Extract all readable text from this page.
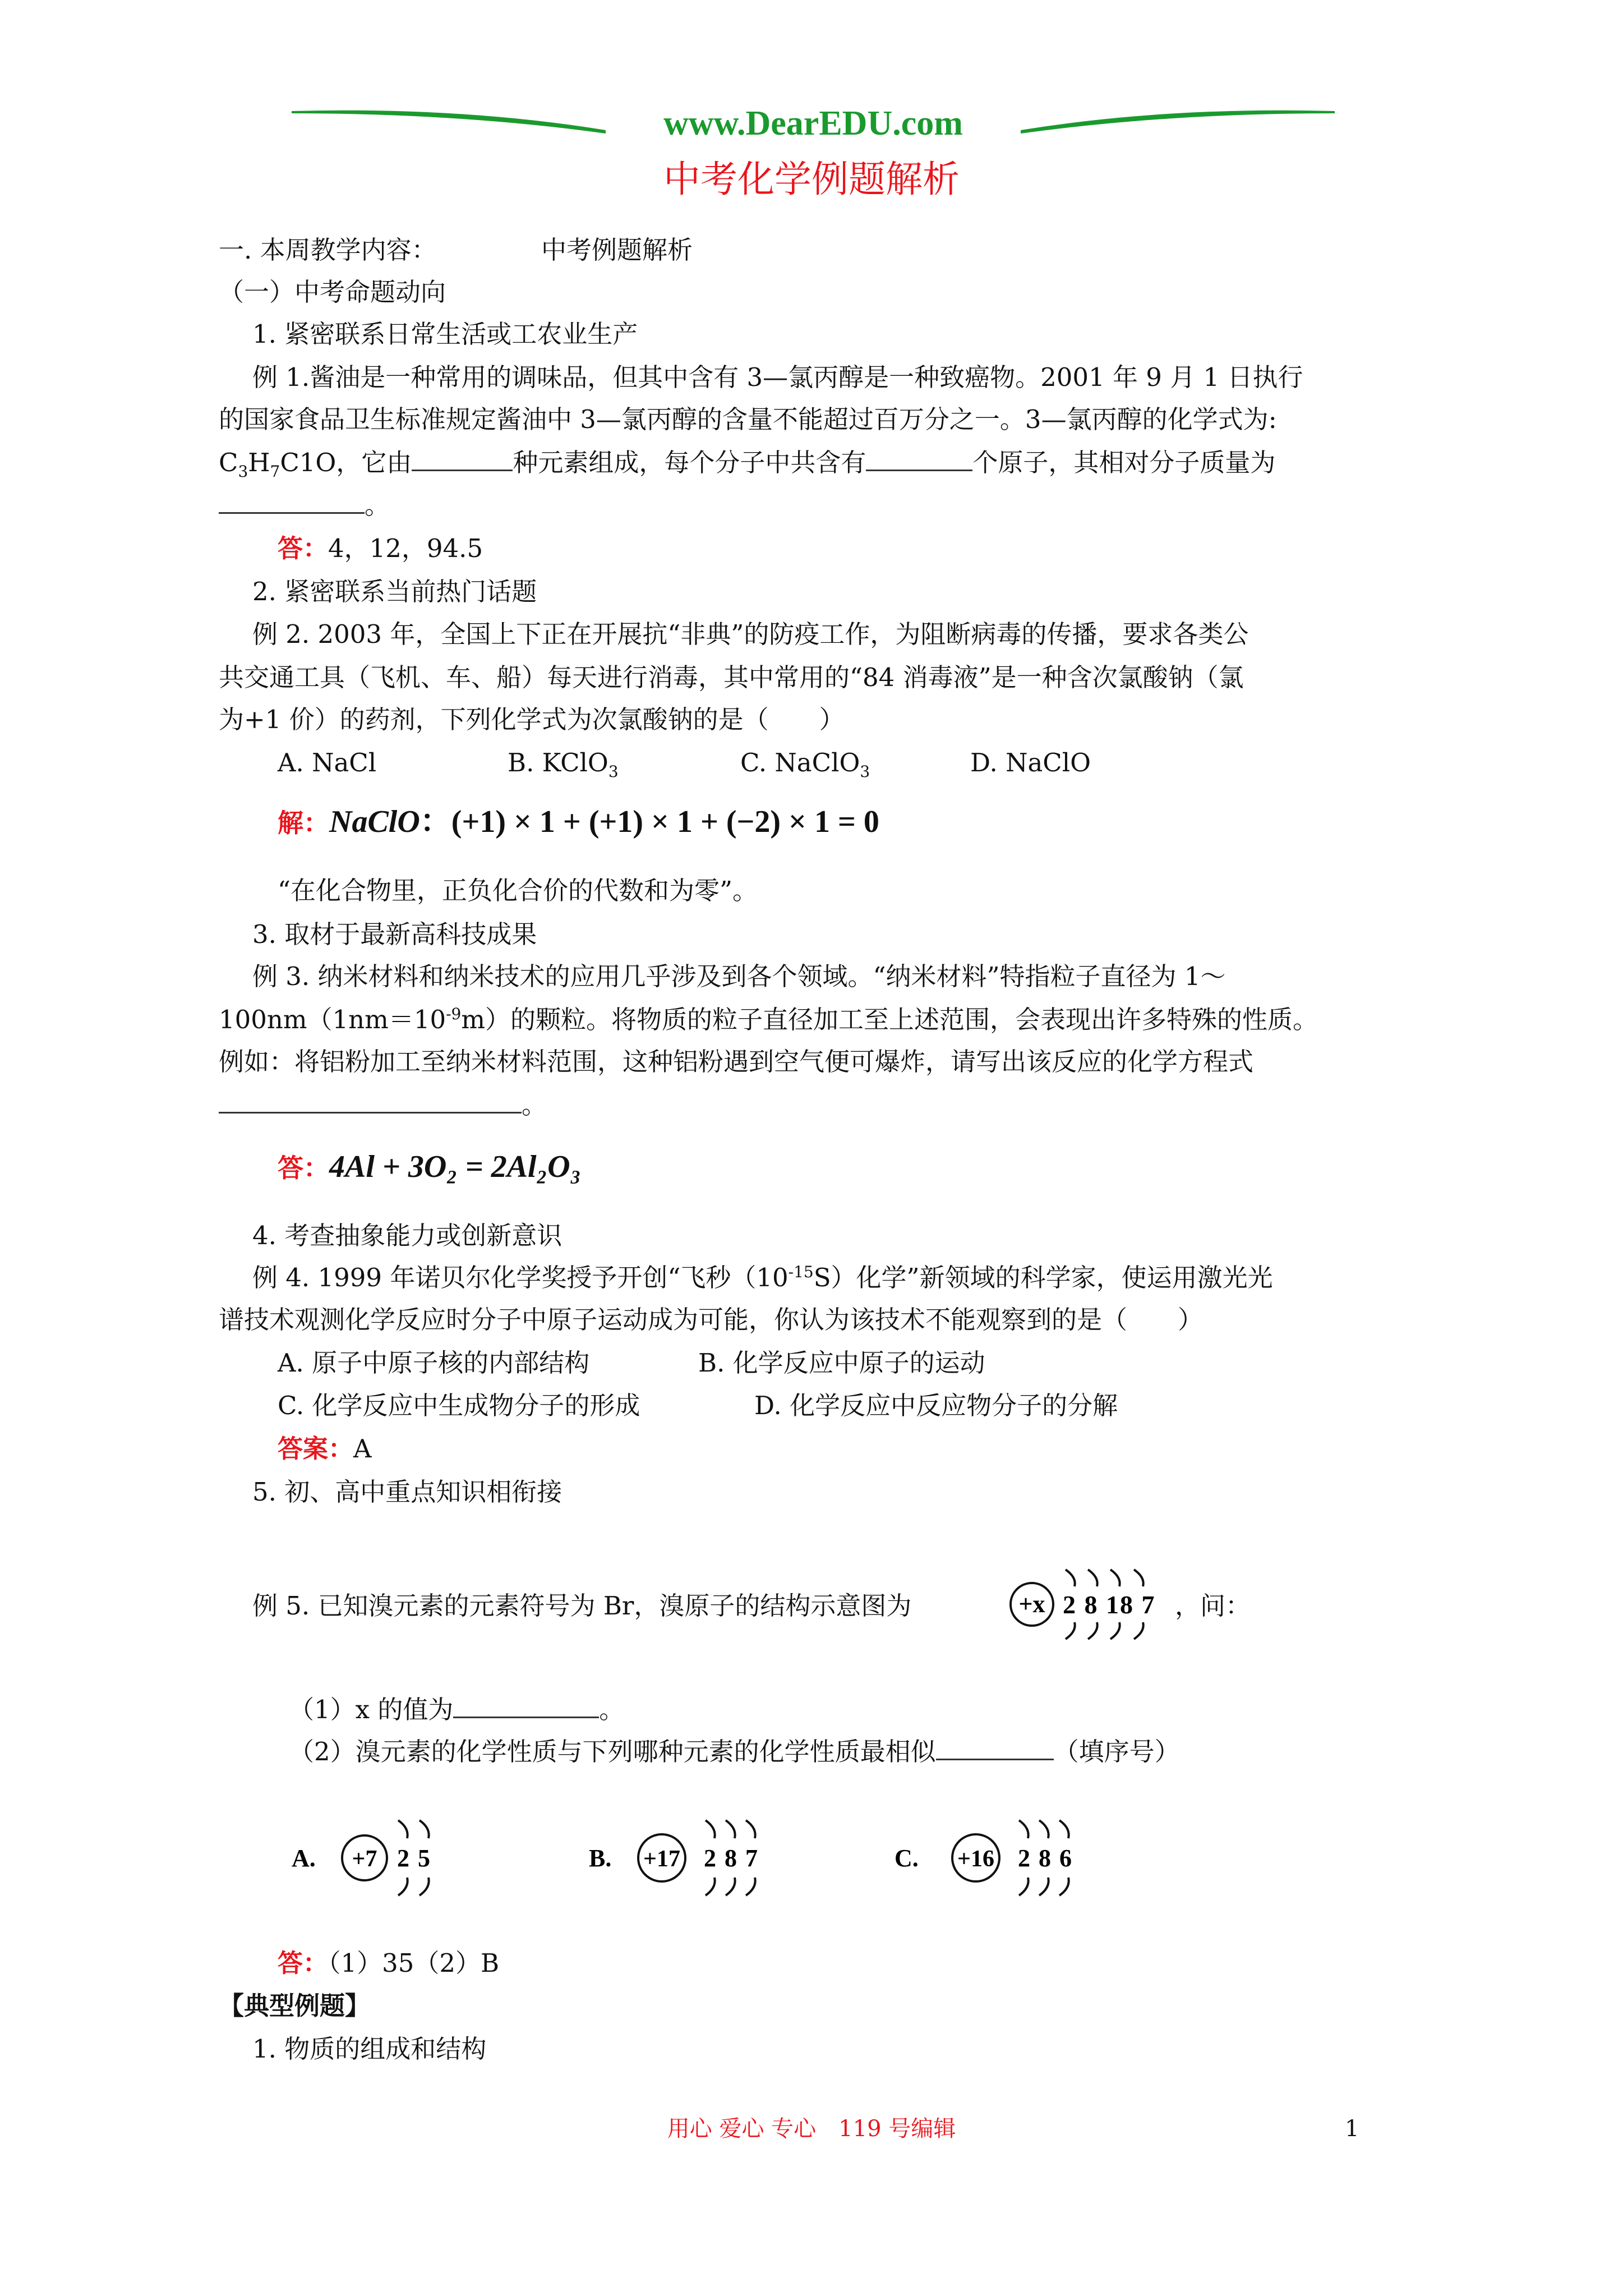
www.DearEDU.com
中考化学例题解析
一. 本周教学内容：	中考例题解析
（一）中考命题动向
1. 紧密联系日常生活或工农业生产
例 1.酱油是一种常用的调味品，但其中含有 3—氯丙醇是一种致癌物。2001 年 9 月 1 日执行
的国家食品卫生标准规定酱油中 3—氯丙醇的含量不能超过百万分之一。3—氯丙醇的化学式为:
$C_3H_7C1O$，它由	种元素组成，每个分子中共含有	个原子，其相对分子质量为
。
答：4，12，94.5
2. 紧密联系当前热门话题
例 2. 2003 年，全国上下正在开展抗“非典”的防疫工作，为阻断病毒的传播，要求各类公
共交通工具（飞机、车、船）每天进行消毒，其中常用的“84 消毒液”是一种含次氯酸钠（氯
为+1 价）的药剂，下列化学式为次氯酸钠的是（　　）
A. NaCl	B. KClO$_3$	C. NaClO$_3$	D. NaClO
解：NaClO：(+1) × 1 + (+1) × 1 + (−2) × 1 = 0
“在化合物里，正负化合价的代数和为零”。
3. 取材于最新高科技成果
例 3. 纳米材料和纳米技术的应用几乎涉及到各个领域。“纳米材料”特指粒子直径为 1～
$100nm(1nm=10^{-9}m)$的颗粒。将物质的粒子直径加工至上述范围，会表现出许多特殊的性质。
例如：将铝粉加工至纳米材料范围，这种铝粉遇到空气便可爆炸，请写出该反应的化学方程式
。
答：4Al + 3O₂ = 2Al₂O₃
4. 考查抽象能力或创新意识
例 4. 1999 年诺贝尔化学奖授予开创“飞秒$(10^{-15}S)$化学”新领域的科学家，使运用激光光
谱技术观测化学反应时分子中原子运动成为可能，你认为该技术不能观察到的是（　　）
A. 原子中原子核的内部结构	B. 化学反应中原子的运动
C. 化学反应中生成物分子的形成	D. 化学反应中反应物分子的分解
答案：A
5. 初、高中重点知识相衔接
例 5. 已知溴元素的元素符号为 Br，溴原子的结构示意图为	+x 2 8 18 7 ，问：
（1）x 的值为	。
（2）溴元素的化学性质与下列哪种元素的化学性质最相似	（填序号）
A. +7 2 5	B. +17 2 8 7	C. +16 2 8 6
答：（1）35（2）B
【典型例题】
1. 物质的组成和结构
用心 爱心 专心　119 号编辑	1
